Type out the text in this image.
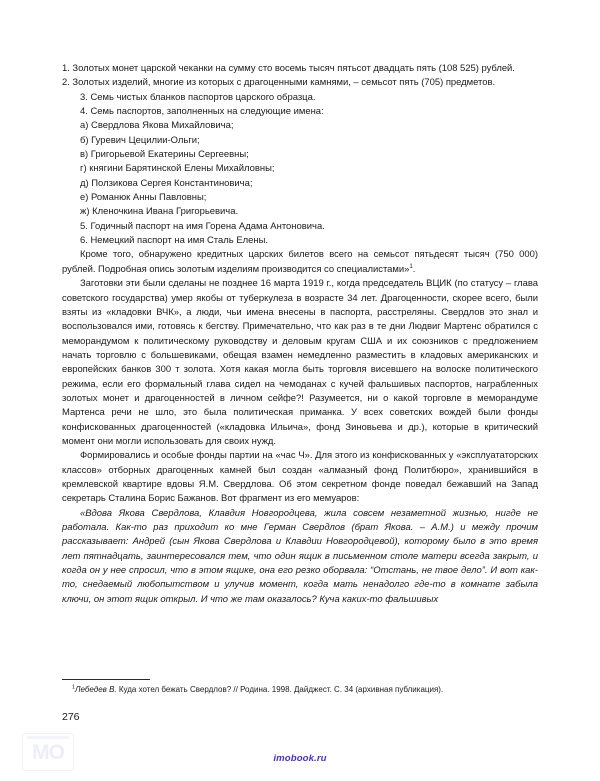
1. Золотых монет царской чеканки на сумму сто восемь тысяч пятьсот двадцать пять (108 525) рублей.

2. Золотых изделий, многие из которых с драгоценными камнями, – семьсот пять (705) предметов.

3. Семь чистых бланков паспортов царского образца.

4. Семь паспортов, заполненных на следующие имена:

а) Свердлова Якова Михайловича;

б) Гуревич Цецилии-Ольги;

в) Григорьевой Екатерины Сергеевны;

г) княгини Барятинской Елены Михайловны;

д) Ползикова Сергея Константиновича;

е) Романюк Анны Павловны;

ж) Кленочкина Ивана Григорьевича.

5. Годичный паспорт на имя Горена Адама Антоновича.

6. Немецкий паспорт на имя Сталь Елены.

Кроме того, обнаружено кредитных царских билетов всего на семьсот пятьдесят тысяч (750 000) рублей. Подробная опись золотым изделиям производится со специалистами»$^1$.

Заготовки эти были сделаны не позднее 16 марта 1919 г., когда председатель ВЦИК (по статусу – глава советского государства) умер якобы от туберкулеза в возрасте 34 лет. Драгоценности, скорее всего, были взяты из «кладовки ВЧК», а люди, чьи имена внесены в паспорта, расстреляны. Свердлов это знал и воспользовался ими, готовясь к бегству. Примечательно, что как раз в те дни Людвиг Мартенс обратился с меморандумом к политическому руководству и деловым кругам США и их союзников с предложением начать торговлю с большевиками, обещая взамен немедленно разместить в кладовых американских и европейских банков 300 т золота. Хотя какая могла быть торговля висевшего на волоске политического режима, если его формальный глава сидел на чемоданах с кучей фальшивых паспортов, награбленных золотых монет и драгоценностей в личном сейфе?! Разумеется, ни о какой торговле в меморандуме Мартенса речи не шло, это была политическая приманка. У всех советских вождей были фонды конфискованных драгоценностей («кладовка Ильича», фонд Зиновьева и др.), которые в критический момент они могли использовать для своих нужд.

Формировались и особые фонды партии на «час Ч». Для этого из конфискованных у «эксплуататорских классов» отборных драгоценных камней был создан «алмазный фонд Политбюро», хранившийся в кремлевской квартире вдовы Я.М. Свердлова. Об этом секретном фонде поведал бежавший на Запад секретарь Сталина Борис Бажанов. Вот фрагмент из его мемуаров:

«Вдова Якова Свердлова, Клавдия Новгородцева, жила совсем незаметной жизнью, нигде не работала. Как-то раз приходит ко мне Герман Свердлов (брат Якова. – А.М.) и между прочим рассказывает: Андрей (сын Якова Свердлова и Клавдии Новгородцевой), которому было в это время лет пятнадцать, заинтересовался тем, что один ящик в письменном столе матери всегда закрыт, и когда он у нее спросил, что в этом ящике, она его резко оборвала: “Отстань, не твое дело”. И вот как-то, снедаемый любопытством и улучив момент, когда мать ненадолго где-то в комнате забыла ключи, он этот ящик открыл. И что же там оказалось? Куча каких-то фальшивых

$^1$Лебедев В. Куда хотел бежать Свердлов? // Родина. 1998. Дайджест. С. 34 (архивная публикация).

276
MO	imobook.ru
